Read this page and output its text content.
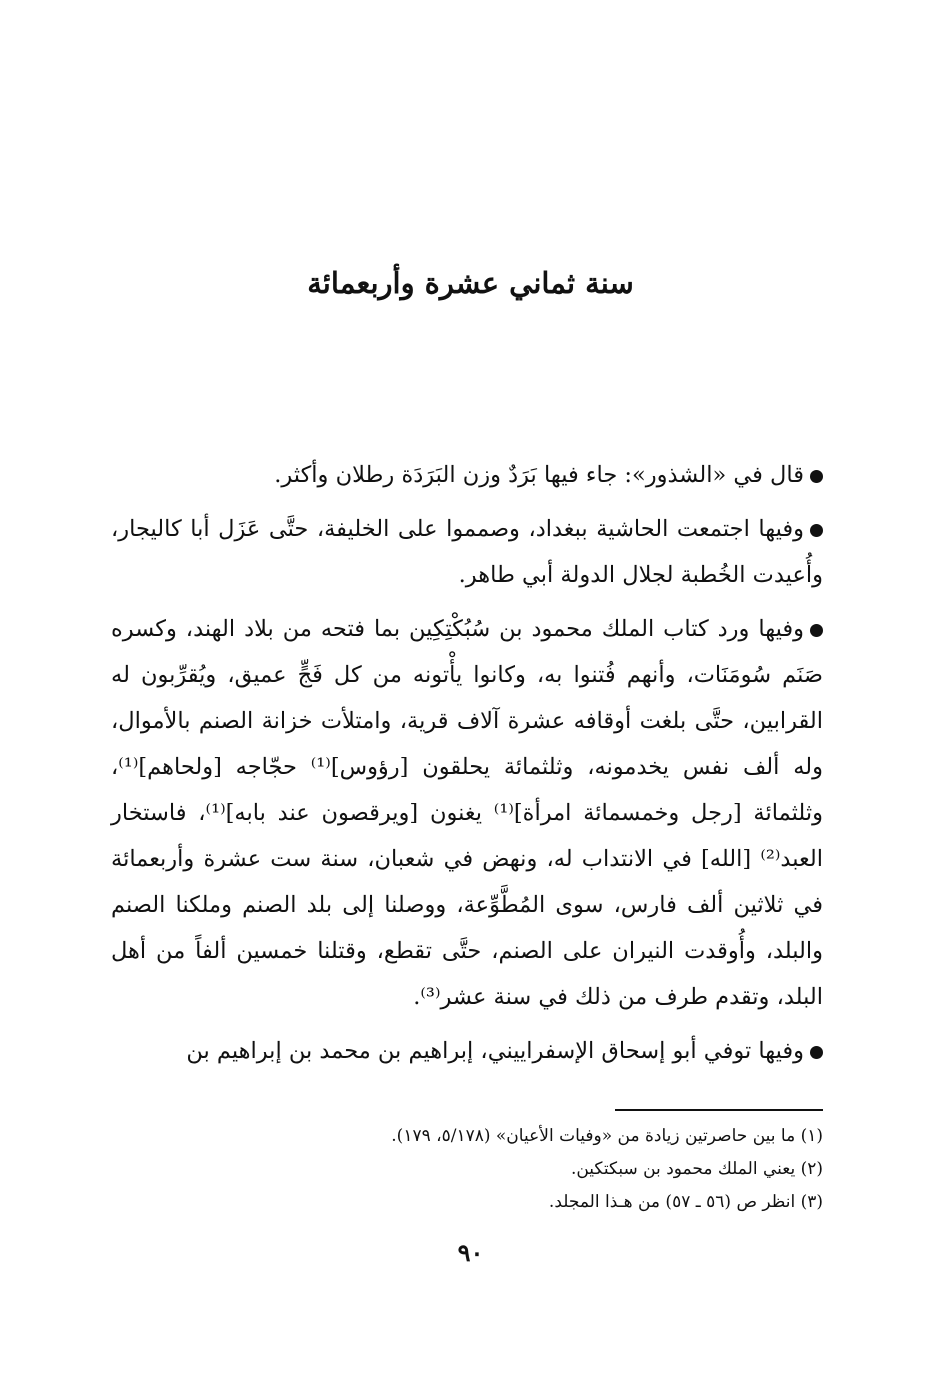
سنة ثماني عشرة وأربعمائة

قال في «الشذور»: جاء فيها بَرَدٌ وزن البَرَدَة رطلان وأكثر.

وفيها اجتمعت الحاشية ببغداد، وصمموا على الخليفة، حتَّى عَزَل أبا كاليجار، وأُعيدت الخُطبة لجلال الدولة أبي طاهر.

وفيها ورد كتاب الملك محمود بن سُبُكْتِكِين بما فتحه من بلاد الهند، وكسره صَنَم سُومَنَات، وأنهم فُتنوا به، وكانوا يأْتونه من كل فَجٍّ عميق، ويُقرِّبون له القرابين، حتَّى بلغت أوقافه عشرة آلاف قرية، وامتلأت خزانة الصنم بالأموال، وله ألف نفس يخدمونه، وثلثمائة يحلقون [رؤوس]⁽¹⁾ حجّاجه [ولحاهم]⁽¹⁾، وثلثمائة [رجل وخمسمائة امرأة]⁽¹⁾ يغنون [ويرقصون عند بابه]⁽¹⁾، فاستخار العبد⁽²⁾ [الله] في الانتداب له، ونهض في شعبان، سنة ست عشرة وأربعمائة في ثلاثين ألف فارس، سوى المُطَّوِّعة، ووصلنا إلى بلد الصنم وملكنا الصنم والبلد، وأُوقدت النيران على الصنم، حتَّى تقطع، وقتلنا خمسين ألفاً من أهل البلد، وتقدم طرف من ذلك في سنة عشر⁽³⁾.

وفيها توفي أبو إسحاق الإسفراييني، إبراهيم بن محمد بن إبراهيم بن

(١) ما بين حاصرتين زيادة من «وفيات الأعيان» (٥/١٧٨، ١٧٩).

(٢) يعني الملك محمود بن سبكتكين.

(٣) انظر ص (٥٦ ـ ٥٧) من هـذا المجلد.

٩٠
